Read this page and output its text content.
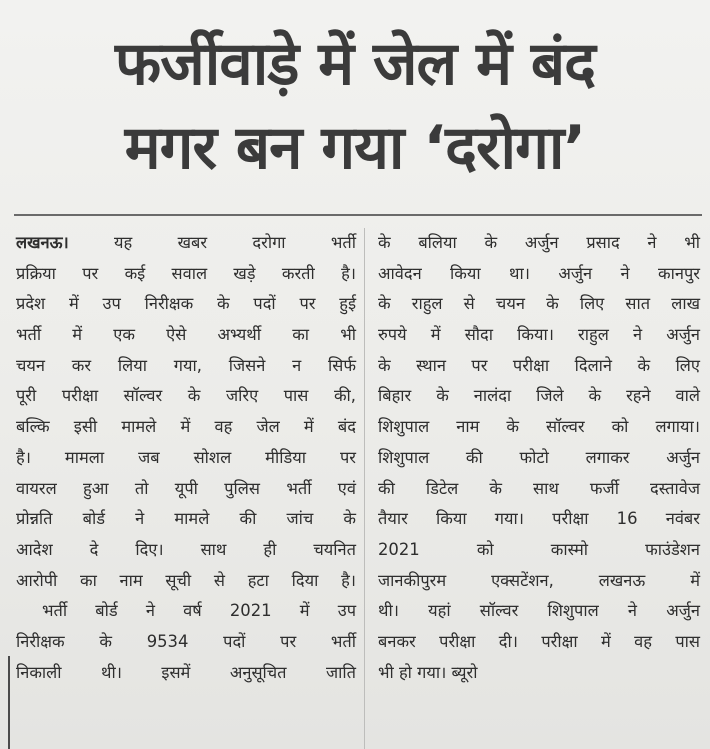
फर्जीवाड़े में जेल में बंद
मगर बन गया ‘दरोगा’
लखनऊ।	यह खबर दरोगा भर्ती
प्रक्रिया पर कई सवाल खड़े करती है।
प्रदेश में उप निरीक्षक के पदों पर हुई
भर्ती में एक ऐसे अभ्यर्थी का भी
चयन कर लिया गया, जिसने न सिर्फ
पूरी परीक्षा सॉल्वर के जरिए पास की,
बल्कि इसी मामले में वह जेल में बंद
है। मामला जब सोशल मीडिया पर
वायरल हुआ तो यूपी पुलिस भर्ती एवं
प्रोन्नति बोर्ड ने मामले की जांच के
आदेश दे दिए। साथ ही चयनित
आरोपी का नाम सूची से हटा दिया है।
भर्ती बोर्ड ने वर्ष 2021 में उप
निरीक्षक के 9534 पदों पर भर्ती
निकाली थी। इसमें अनुसूचित जाति
के बलिया के अर्जुन प्रसाद ने भी
आवेदन किया था। अर्जुन ने कानपुर
के राहुल से चयन के लिए सात लाख
रुपये में सौदा किया। राहुल ने अर्जुन
के स्थान पर परीक्षा दिलाने के लिए
बिहार के नालंदा जिले के रहने वाले
शिशुपाल नाम के सॉल्वर को लगाया।
शिशुपाल की फोटो लगाकर अर्जुन
की डिटेल के साथ फर्जी दस्तावेज
तैयार किया गया। परीक्षा 16 नवंबर
2021 को कास्मो फाउंडेशन
जानकीपुरम एक्सटेंशन, लखनऊ में
थी। यहां सॉल्वर शिशुपाल ने अर्जुन
बनकर परीक्षा दी। परीक्षा में वह पास
भी हो गया। ब्यूरो
